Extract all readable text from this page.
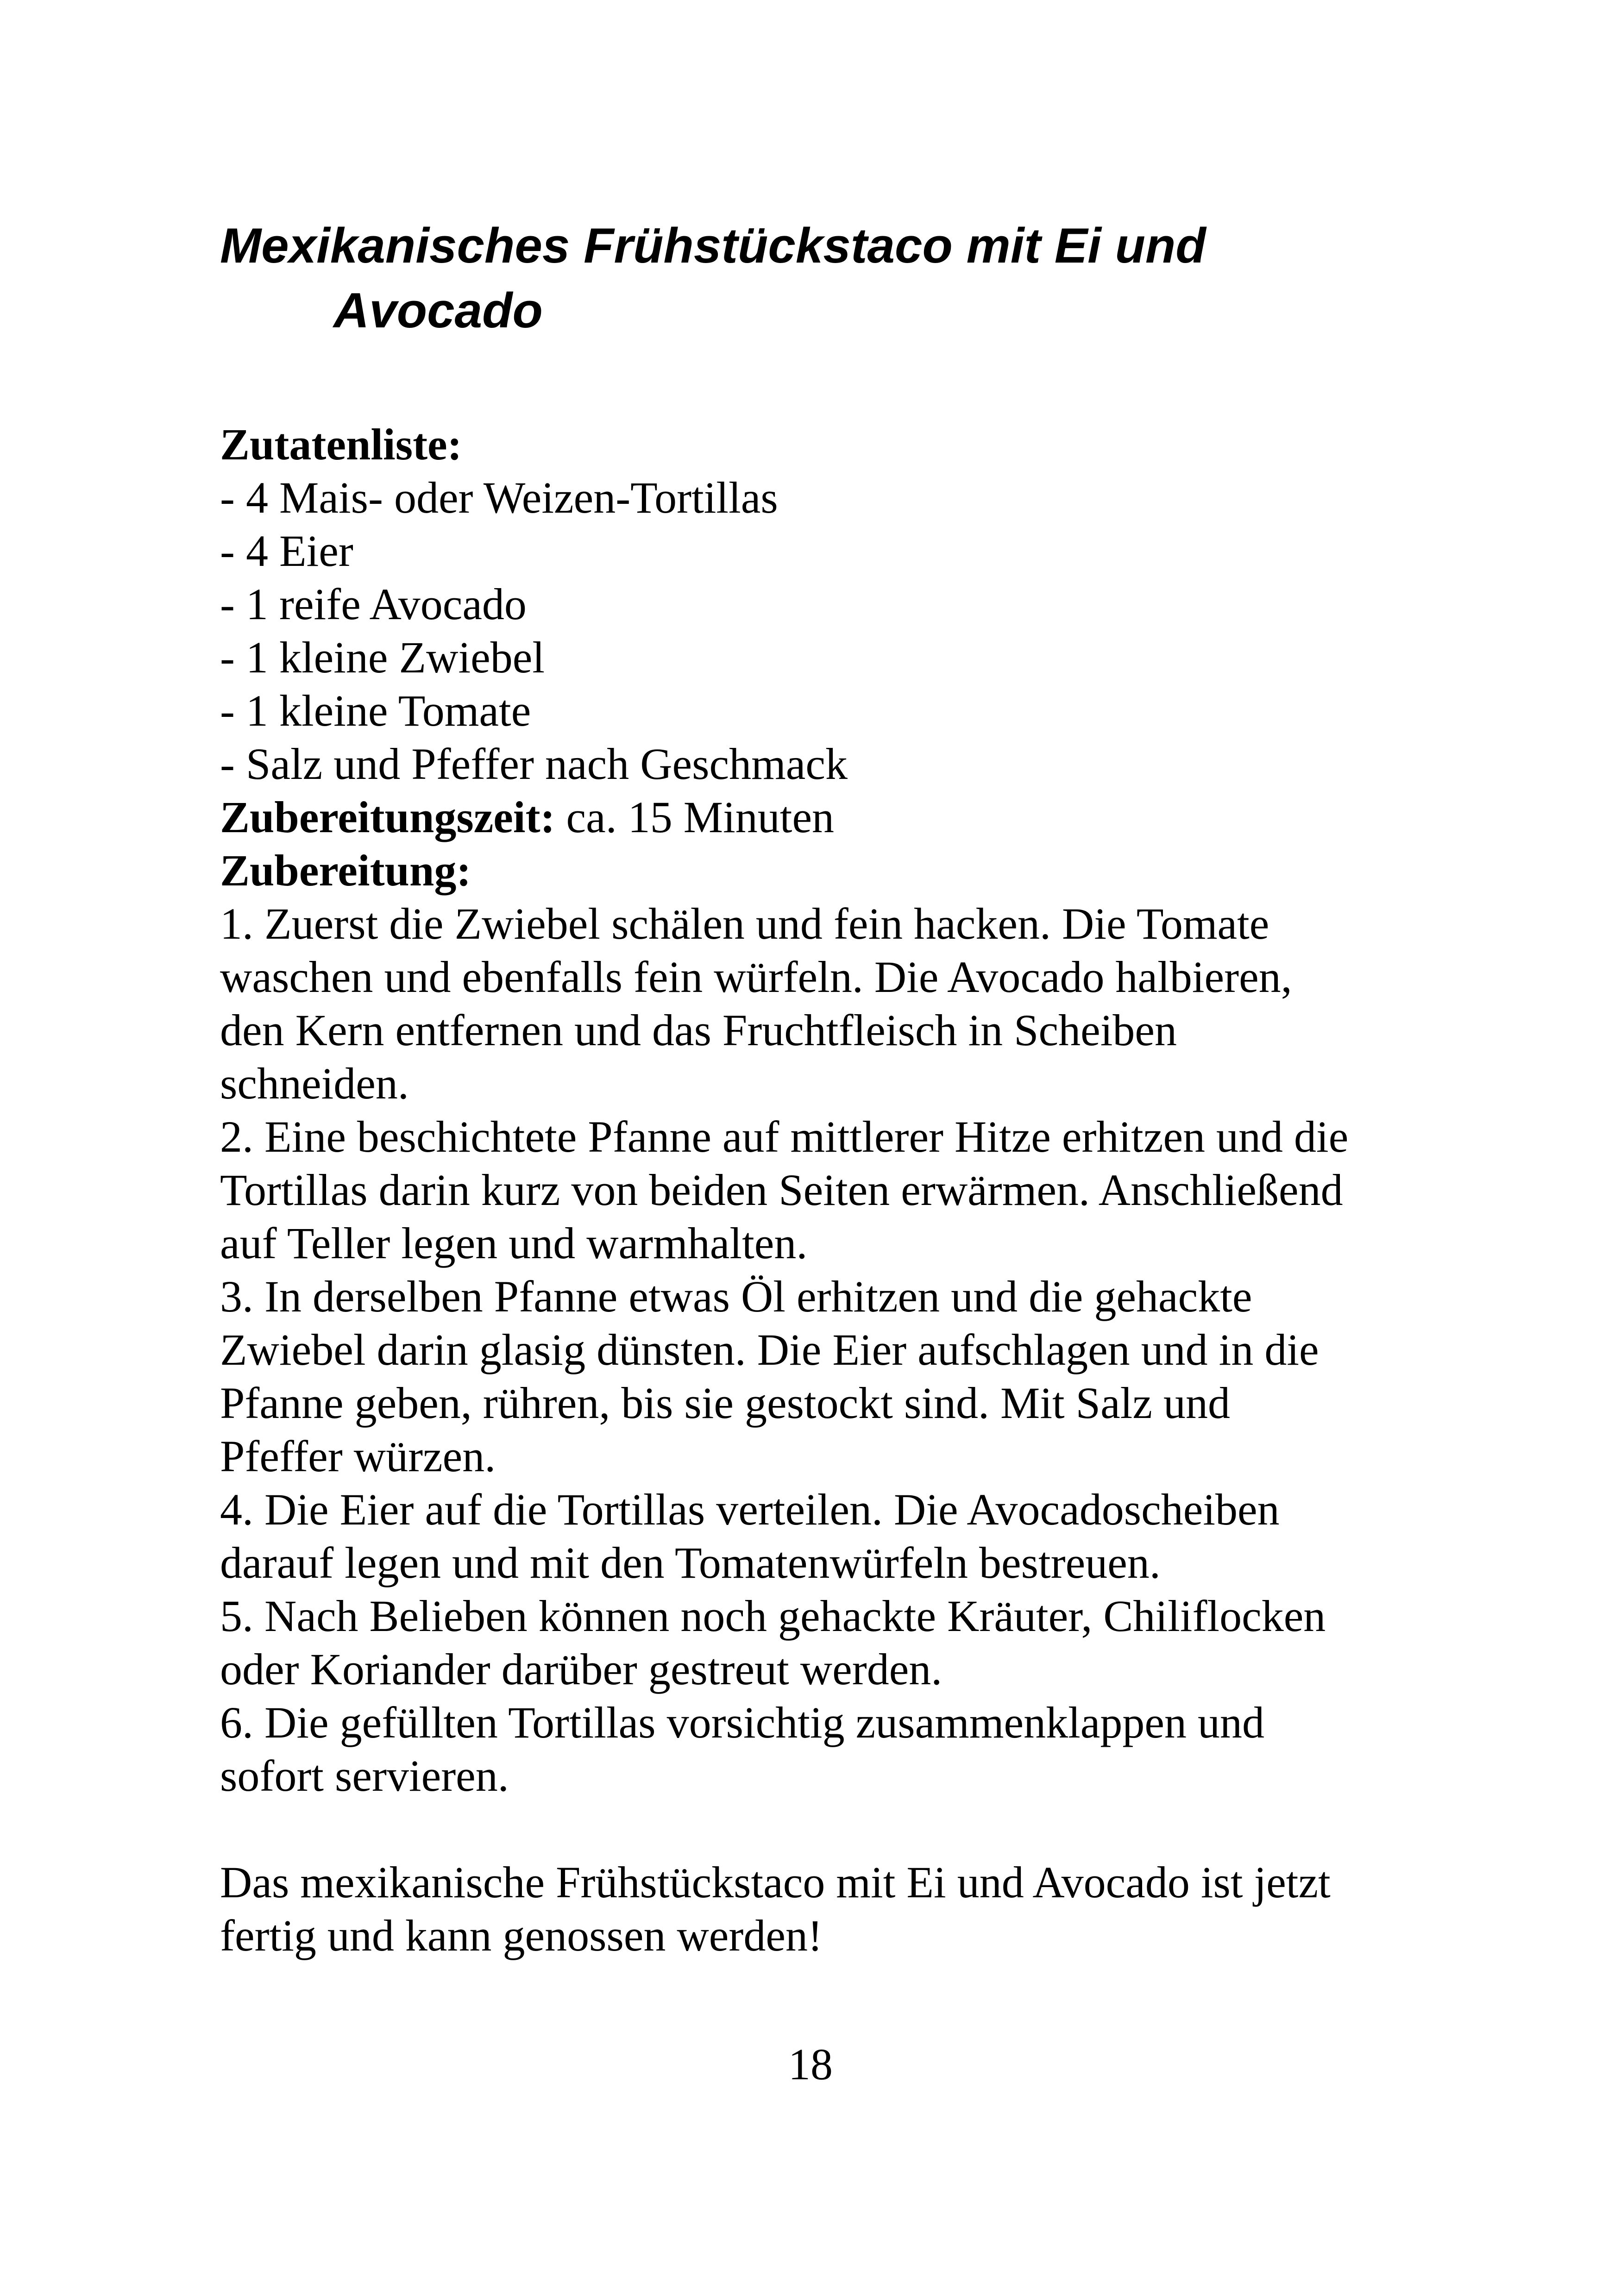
Mexikanisches Frühstückstaco mit Ei und
Avocado
Zutatenliste:
- 4 Mais- oder Weizen-Tortillas
- 4 Eier
- 1 reife Avocado
- 1 kleine Zwiebel
- 1 kleine Tomate
- Salz und Pfeffer nach Geschmack
Zubereitungszeit: ca. 15 Minuten
Zubereitung:
1. Zuerst die Zwiebel schälen und fein hacken. Die Tomate
waschen und ebenfalls fein würfeln. Die Avocado halbieren,
den Kern entfernen und das Fruchtfleisch in Scheiben
schneiden.
2. Eine beschichtete Pfanne auf mittlerer Hitze erhitzen und die
Tortillas darin kurz von beiden Seiten erwärmen. Anschließend
auf Teller legen und warmhalten.
3. In derselben Pfanne etwas Öl erhitzen und die gehackte
Zwiebel darin glasig dünsten. Die Eier aufschlagen und in die
Pfanne geben, rühren, bis sie gestockt sind. Mit Salz und
Pfeffer würzen.
4. Die Eier auf die Tortillas verteilen. Die Avocadoscheiben
darauf legen und mit den Tomatenwürfeln bestreuen.
5. Nach Belieben können noch gehackte Kräuter, Chiliflocken
oder Koriander darüber gestreut werden.
6. Die gefüllten Tortillas vorsichtig zusammenklappen und
sofort servieren.
Das mexikanische Frühstückstaco mit Ei und Avocado ist jetzt
fertig und kann genossen werden!
18
